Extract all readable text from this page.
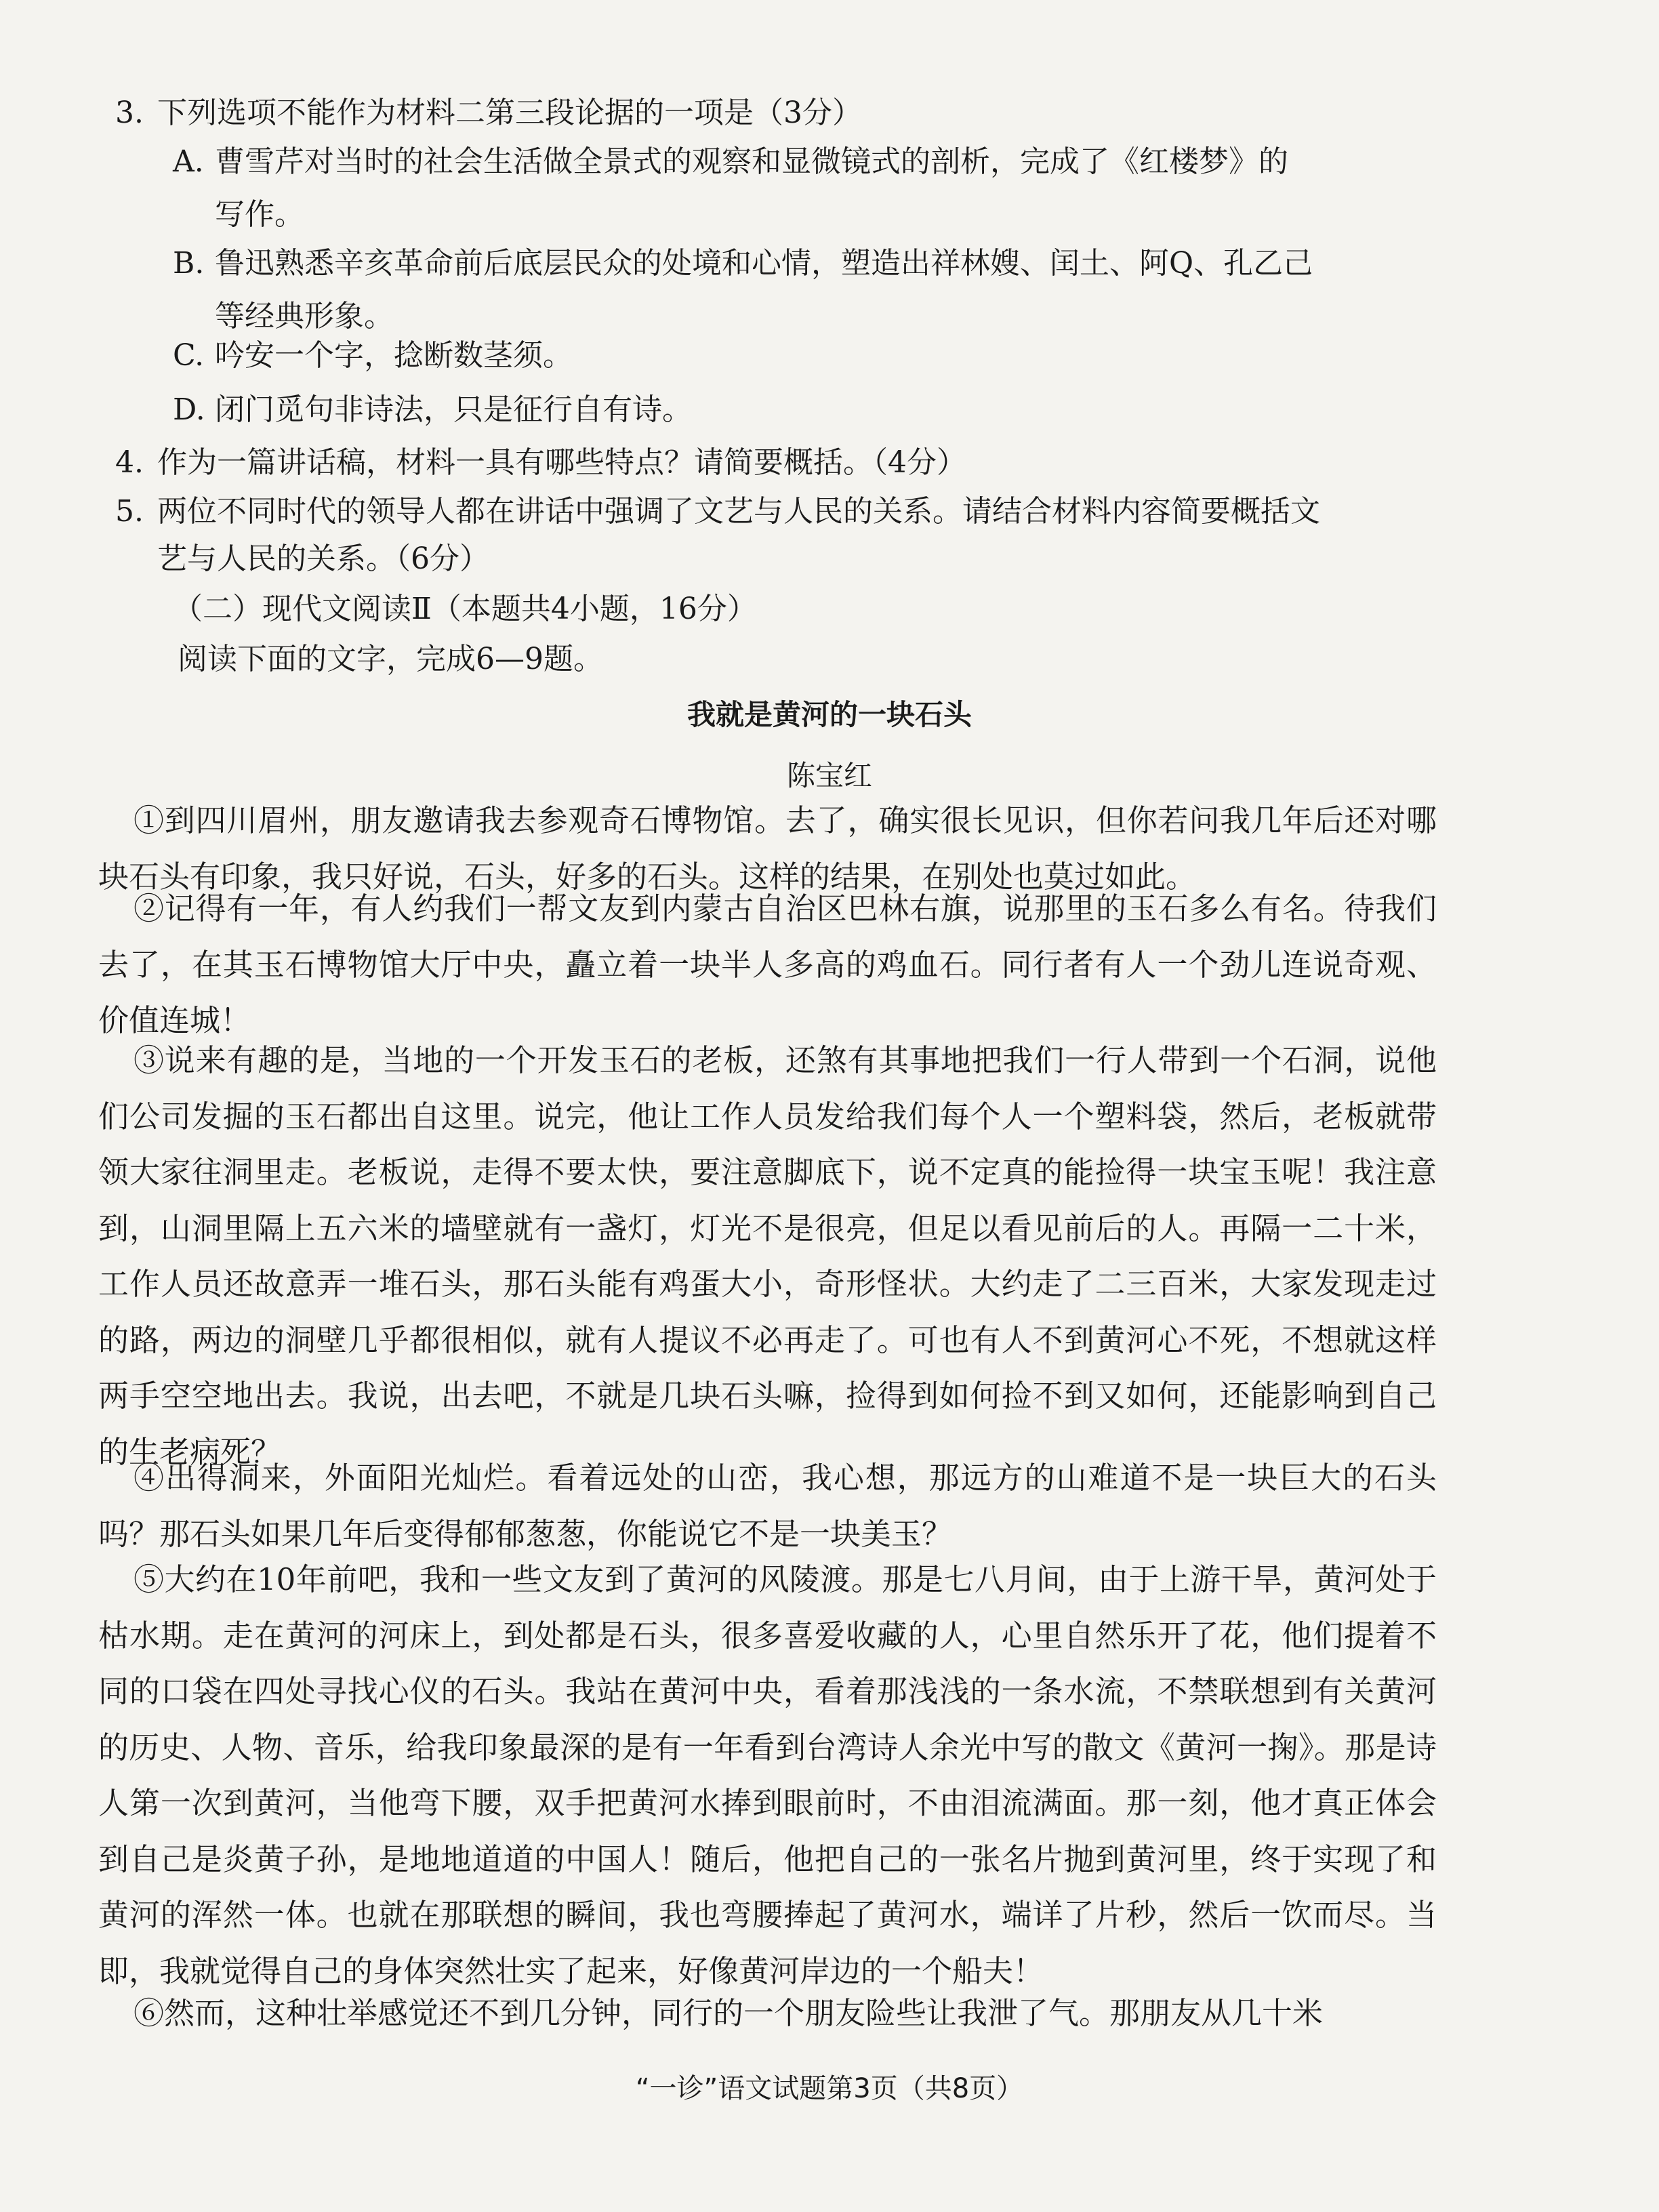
3. 下列选项不能作为材料二第三段论据的一项是（3分）
A. 曹雪芹对当时的社会生活做全景式的观察和显微镜式的剖析，完成了《红楼梦》的
写作。
B. 鲁迅熟悉辛亥革命前后底层民众的处境和心情，塑造出祥林嫂、闰土、阿Q、孔乙己
等经典形象。
C. 吟安一个字，捻断数茎须。
D. 闭门觅句非诗法，只是征行自有诗。
4. 作为一篇讲话稿，材料一具有哪些特点？请简要概括。（4分）
5. 两位不同时代的领导人都在讲话中强调了文艺与人民的关系。请结合材料内容简要概括文
艺与人民的关系。（6分）
（二）现代文阅读Ⅱ（本题共4小题，16分）
阅读下面的文字，完成6—9题。
我就是黄河的一块石头
陈宝红
①到四川眉州，朋友邀请我去参观奇石博物馆。去了，确实很长见识，但你若问我几年后还对哪块石头有印象，我只好说，石头，好多的石头。这样的结果，在别处也莫过如此。
②记得有一年，有人约我们一帮文友到内蒙古自治区巴林右旗，说那里的玉石多么有名。待我们去了，在其玉石博物馆大厅中央，矗立着一块半人多高的鸡血石。同行者有人一个劲儿连说奇观、价值连城！
③说来有趣的是，当地的一个开发玉石的老板，还煞有其事地把我们一行人带到一个石洞，说他们公司发掘的玉石都出自这里。说完，他让工作人员发给我们每个人一个塑料袋，然后，老板就带领大家往洞里走。老板说，走得不要太快，要注意脚底下，说不定真的能捡得一块宝玉呢！我注意到，山洞里隔上五六米的墙壁就有一盏灯，灯光不是很亮，但足以看见前后的人。再隔一二十米，工作人员还故意弄一堆石头，那石头能有鸡蛋大小，奇形怪状。大约走了二三百米，大家发现走过的路，两边的洞壁几乎都很相似，就有人提议不必再走了。可也有人不到黄河心不死，不想就这样两手空空地出去。我说，出去吧，不就是几块石头嘛，捡得到如何捡不到又如何，还能影响到自己的生老病死？
④出得洞来，外面阳光灿烂。看着远处的山峦，我心想，那远方的山难道不是一块巨大的石头吗？那石头如果几年后变得郁郁葱葱，你能说它不是一块美玉？
⑤大约在10年前吧，我和一些文友到了黄河的风陵渡。那是七八月间，由于上游干旱，黄河处于枯水期。走在黄河的河床上，到处都是石头，很多喜爱收藏的人，心里自然乐开了花，他们提着不同的口袋在四处寻找心仪的石头。我站在黄河中央，看着那浅浅的一条水流，不禁联想到有关黄河的历史、人物、音乐，给我印象最深的是有一年看到台湾诗人余光中写的散文《黄河一掬》。那是诗人第一次到黄河，当他弯下腰，双手把黄河水捧到眼前时，不由泪流满面。那一刻，他才真正体会到自己是炎黄子孙，是地地道道的中国人！随后，他把自己的一张名片抛到黄河里，终于实现了和黄河的浑然一体。也就在那联想的瞬间，我也弯腰捧起了黄河水，端详了片秒，然后一饮而尽。当即，我就觉得自己的身体突然壮实了起来，好像黄河岸边的一个船夫！
⑥然而，这种壮举感觉还不到几分钟，同行的一个朋友险些让我泄了气。那朋友从几十米
“一诊”语文试题第3页（共8页）
